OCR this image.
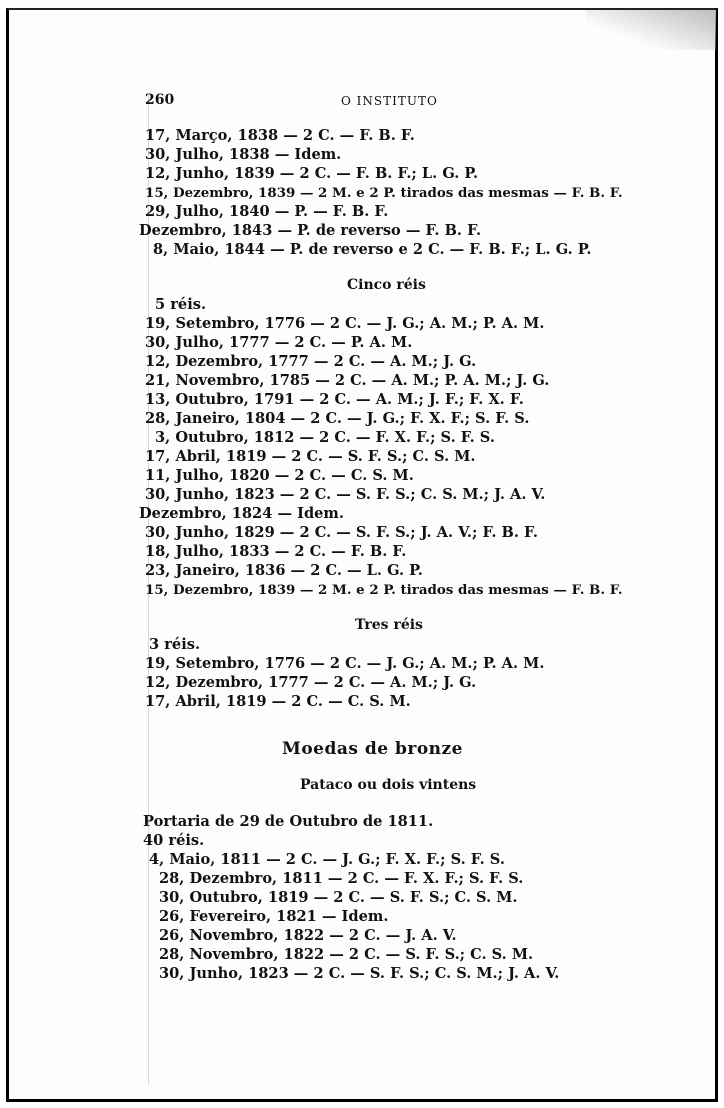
260	O INSTITUTO
17, Março, 1838 — 2 C. — F. B. F.
30, Julho, 1838 — Idem.
12, Junho, 1839 — 2 C. — F. B. F.; L. G. P.
15, Dezembro, 1839 — 2 M. e 2 P. tirados das mesmas — F. B. F.
29, Julho, 1840 — P. — F. B. F.
Dezembro, 1843 — P. de reverso — F. B. F.
8, Maio, 1844 — P. de reverso e 2 C. — F. B. F.; L. G. P.
Cinco réis
5 réis.
19, Setembro, 1776 — 2 C. — J. G.; A. M.; P. A. M.
30, Julho, 1777 — 2 C. — P. A. M.
12, Dezembro, 1777 — 2 C. — A. M.; J. G.
21, Novembro, 1785 — 2 C. — A. M.; P. A. M.; J. G.
13, Outubro, 1791 — 2 C. — A. M.; J. F.; F. X. F.
28, Janeiro, 1804 — 2 C. — J. G.; F. X. F.; S. F. S.
3, Outubro, 1812 — 2 C. — F. X. F.; S. F. S.
17, Abril, 1819 — 2 C. — S. F. S.; C. S. M.
11, Julho, 1820 — 2 C. — C. S. M.
30, Junho, 1823 — 2 C. — S. F. S.; C. S. M.; J. A. V.
Dezembro, 1824 — Idem.
30, Junho, 1829 — 2 C. — S. F. S.; J. A. V.; F. B. F.
18, Julho, 1833 — 2 C. — F. B. F.
23, Janeiro, 1836 — 2 C. — L. G. P.
15, Dezembro, 1839 — 2 M. e 2 P. tirados das mesmas — F. B. F.
Tres réis
3 réis.
19, Setembro, 1776 — 2 C. — J. G.; A. M.; P. A. M.
12, Dezembro, 1777 — 2 C. — A. M.; J. G.
17, Abril, 1819 — 2 C. — C. S. M.
Moedas de bronze
Pataco ou dois vintens
Portaria de 29 de Outubro de 1811.
40 réis.
4, Maio, 1811 — 2 C. — J. G.; F. X. F.; S. F. S.
28, Dezembro, 1811 — 2 C. — F. X. F.; S. F. S.
30, Outubro, 1819 — 2 C. — S. F. S.; C. S. M.
26, Fevereiro, 1821 — Idem.
26, Novembro, 1822 — 2 C. — J. A. V.
28, Novembro, 1822 — 2 C. — S. F. S.; C. S. M.
30, Junho, 1823 — 2 C. — S. F. S.; C. S. M.; J. A. V.
